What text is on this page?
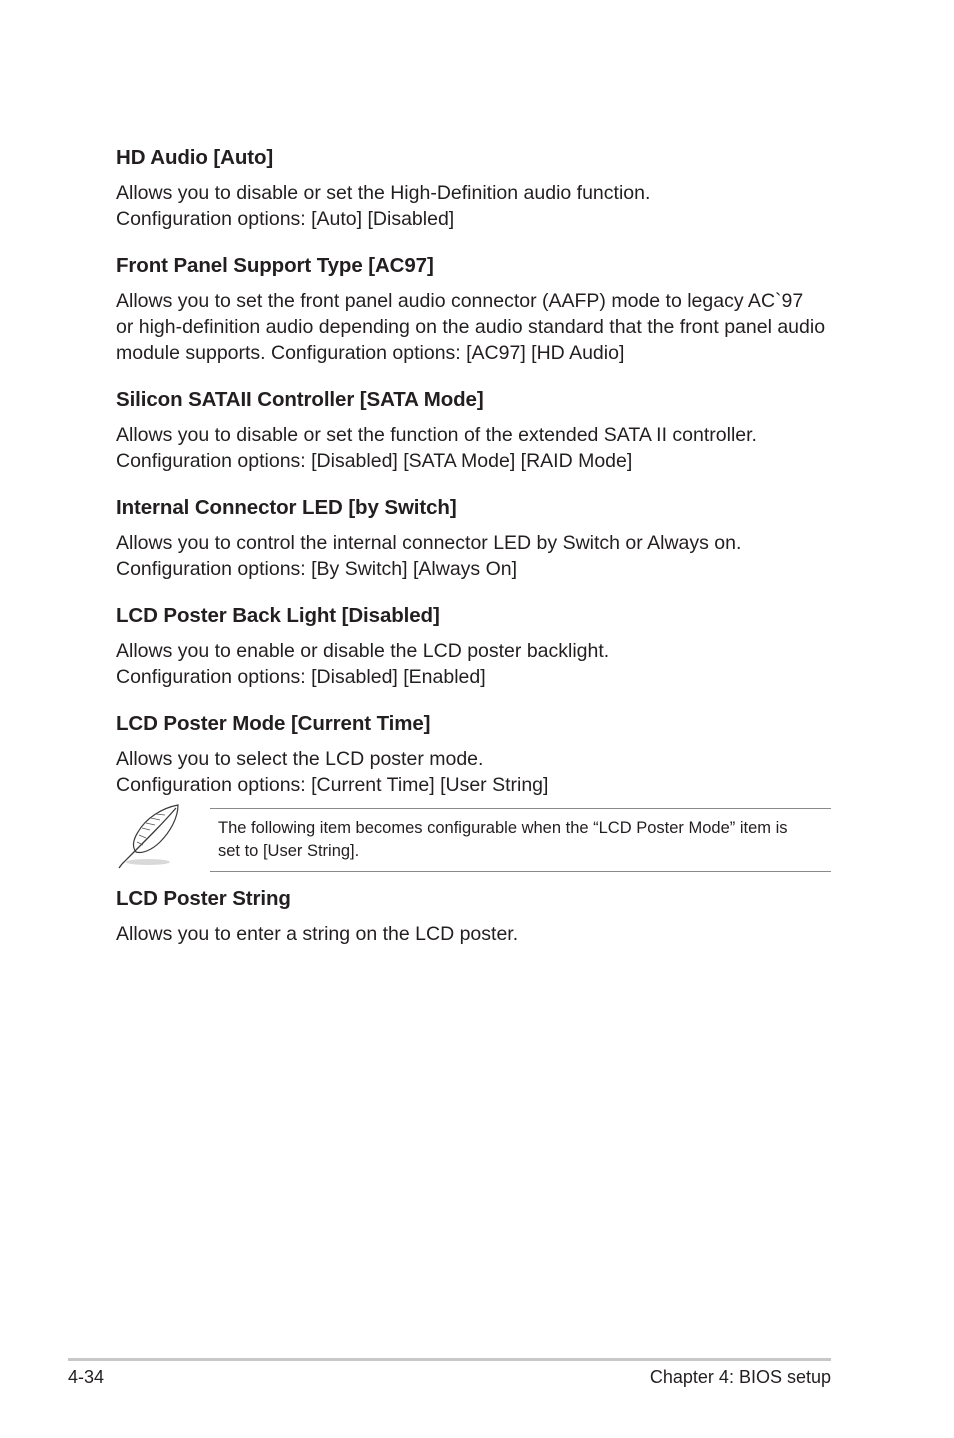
HD Audio [Auto]

Allows you to disable or set the High-Definition audio function.

Configuration options: [Auto] [Disabled]

Front Panel Support Type [AC97]

Allows you to set the front panel audio connector (AAFP) mode to legacy AC`97

or high-definition audio depending on the audio standard that the front panel audio

module supports. Configuration options: [AC97] [HD Audio]

Silicon SATAII Controller [SATA Mode]

Allows you to disable or set the function of the extended SATA II controller.

Configuration options: [Disabled] [SATA Mode] [RAID Mode]

Internal Connector LED [by Switch]

Allows you to control the internal connector LED by Switch or Always on.

Configuration options: [By Switch] [Always On]

LCD Poster Back Light [Disabled]

Allows you to enable or disable the LCD poster backlight.

Configuration options: [Disabled] [Enabled]

LCD Poster Mode [Current Time]

Allows you to select the LCD poster mode.

Configuration options: [Current Time] [User String]

The following item becomes configurable when the “LCD Poster Mode” item is

set to [User String].

LCD Poster String

Allows you to enter a string on the LCD poster.

4-34	Chapter 4: BIOS setup
